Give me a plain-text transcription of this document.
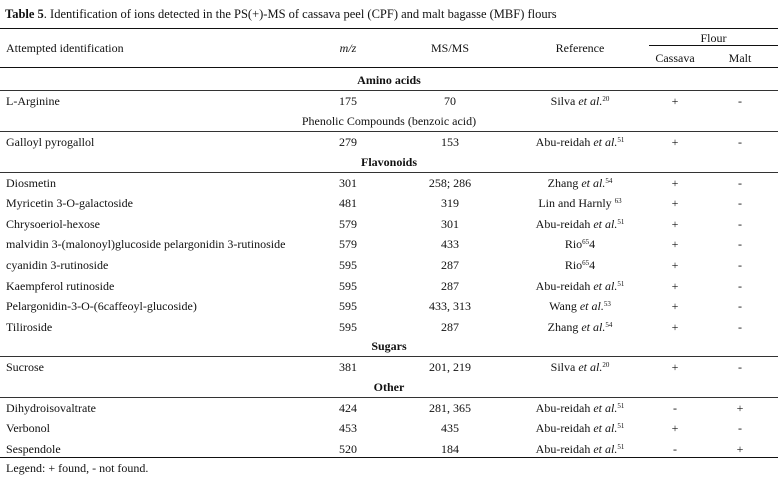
Table 5. Identification of ions detected in the PS(+)-MS of cassava peel (CPF) and malt bagasse (MBF) flours
Attempted identification	m/z	MS/MS	Reference
Flour
Cassava	Malt
Amino acids
L-Arginine	175	70	Silva et al.$^{20}$	+	-
Phenolic Compounds (benzoic acid)
Galloyl pyrogallol	279	153	Abu-reidah et al.$^{51}$	+	-
Flavonoids
Diosmetin	301	258; 286	Zhang et al.$^{54}$	+	-
Myricetin 3-O-galactoside	481	319	Lin and Harnly $^{63}$	+	-
Chrysoeriol-hexose	579	301	Abu-reidah et al.$^{51}$	+	-
malvidin 3-(malonoyl)glucoside pelargonidin 3-rutinoside	579	433	Rio$^{65}$4	+	-
cyanidin 3-rutinoside	595	287	Rio$^{65}$4	+	-
Kaempferol rutinoside	595	287	Abu-reidah et al.$^{51}$	+	-
Pelargonidin-3-O-(6caffeoyl-glucoside)	595	433, 313	Wang et al.$^{53}$	+	-
Tiliroside	595	287	Zhang et al.$^{54}$	+	-
Sugars
Sucrose	381	201, 219	Silva et al.$^{20}$	+	-
Other
Dihydroisovaltrate	424	281, 365	Abu-reidah et al.$^{51}$	-	+
Verbonol	453	435	Abu-reidah et al.$^{51}$	+	-
Sespendole	520	184	Abu-reidah et al.$^{51}$	-	+
Legend: + found, - not found.
